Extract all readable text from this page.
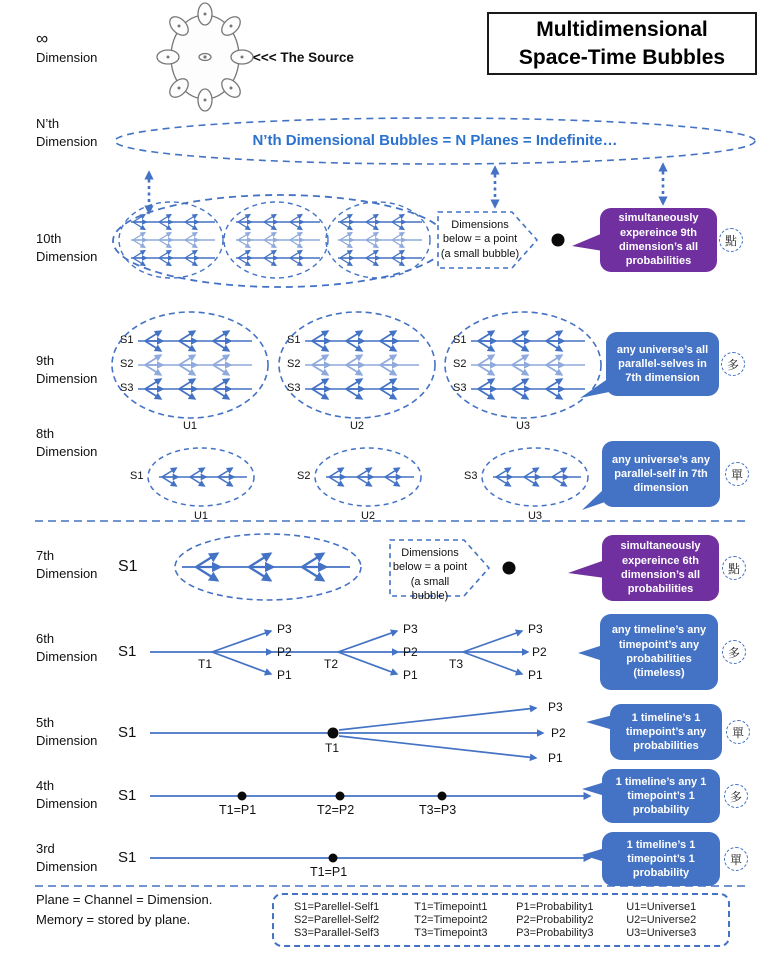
∞
Dimension	<<< The Source
Multidimensional
Space-Time Bubbles
N’th
Dimension	N’th Dimensional Bubbles = N Planes = Indefinite…
10th
Dimension
Dimensions
below = a point
(a small bubble)
simultaneously expereince 9th dimension’s all probabilities
點
9th
Dimension
S1
S2
S3
S1
S2
S3
S1
S2
S3
U1	U2	U3
any universe’s all parallel-selves in 7th dimension
多
8th
Dimension
S1	S2	S3
U1	U2	U3
any universe’s any parallel-self in 7th dimension
單
7th
Dimension S1
Dimensions
below = a point
(a small bubble)
simultaneously expereince 6th dimension’s all probabilities
點
6th
Dimension S1
T1	T2	T3
P3
P2
P1
P3
P2
P1
P3
P2
P1
any timeline’s any timepoint’s any probabilities (timeless)
多
5th
Dimension S1
T1
P3
P2
P1
1 timeline’s 1 timepoint’s any probabilities
單
4th
Dimension S1
T1=P1	T2=P2	T3=P3
1 timeline’s any 1 timepoint’s 1 probability
多
3rd
Dimension
S1
T1=P1
1 timeline’s 1 timepoint’s 1 probability
單
Plane = Channel = Dimension.
Memory = stored by plane.
S1=Parellel-Self1	T1=Timepoint1	P1=Probability1	U1=Universe1
S2=Parellel-Self2	T2=Timepoint2	P2=Probability2	U2=Universe2
S3=Parallel-Self3	T3=Timepoint3	P3=Probability3	U3=Universe3
